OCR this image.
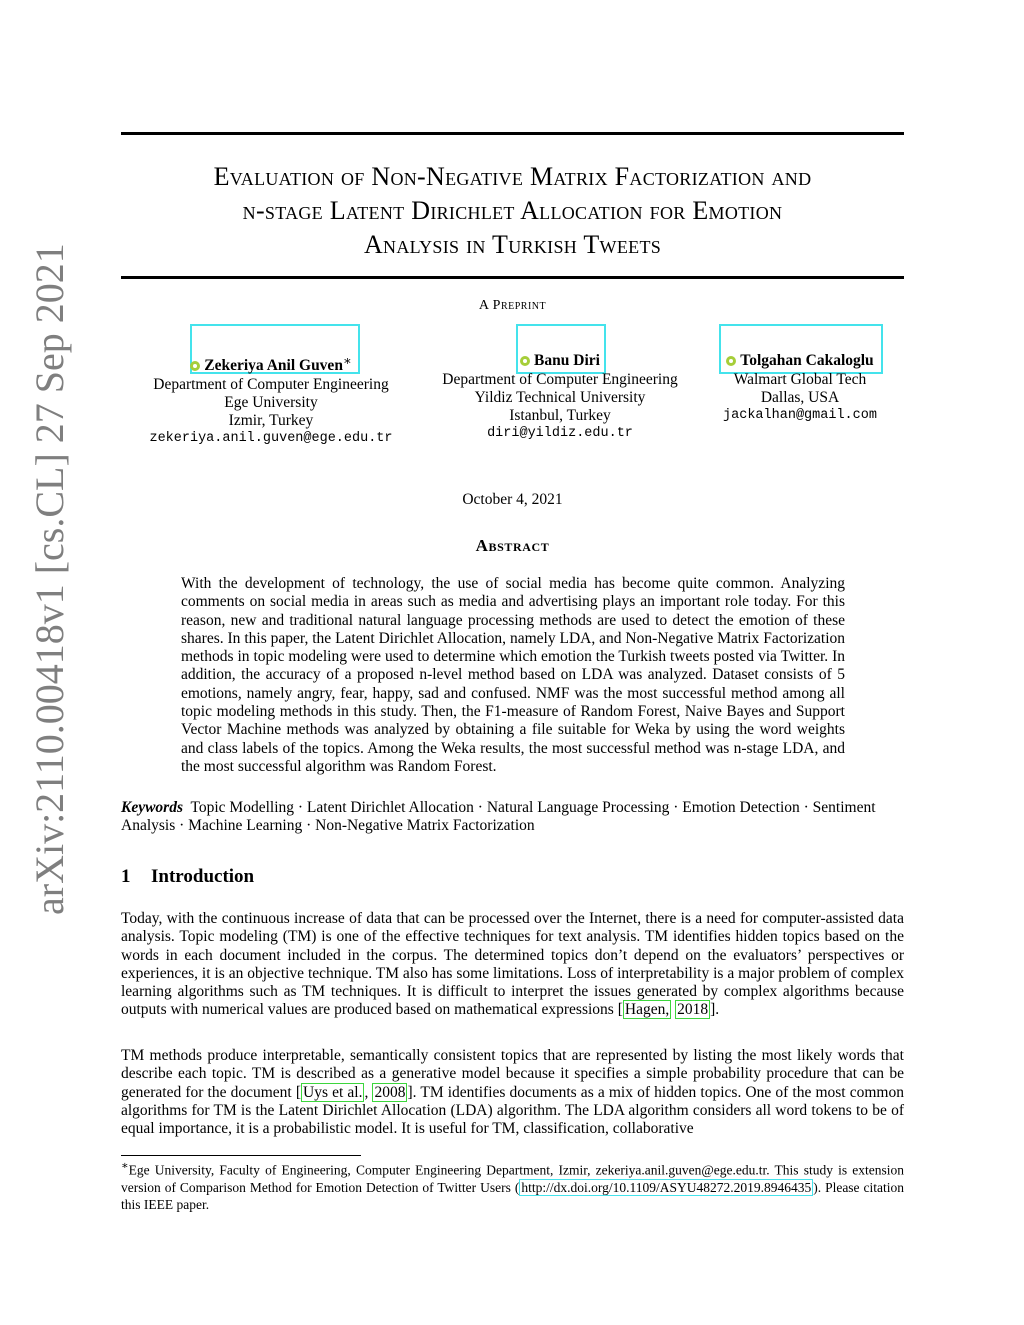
arXiv:2110.00418v1 [cs.CL] 27 Sep 2021
Evaluation of Non-Negative Matrix Factorization and
n-stage Latent Dirichlet Allocation for Emotion
Analysis in Turkish Tweets
A Preprint
Zekeriya Anil Guven ∗
Department of Computer Engineering
Ege University
Izmir, Turkey
zekeriya.anil.guven@ege.edu.tr
Banu Diri
Department of Computer Engineering
Yildiz Technical University
Istanbul, Turkey
diri@yildiz.edu.tr
Tolgahan Cakaloglu
Walmart Global Tech
Dallas, USA
jackalhan@gmail.com
October 4, 2021
Abstract
With the development of technology, the use of social media has become quite common. Analyzing comments on social media in areas such as media and advertising plays an important role today. For this reason, new and traditional natural language processing methods are used to detect the emotion of these shares. In this paper, the Latent Dirichlet Allocation, namely LDA, and Non-Negative Matrix Factorization methods in topic modeling were used to determine which emotion the Turkish tweets posted via Twitter. In addition, the accuracy of a proposed n-level method based on LDA was analyzed. Dataset consists of 5 emotions, namely angry, fear, happy, sad and confused. NMF was the most successful method among all topic modeling methods in this study. Then, the F1-measure of Random Forest, Naive Bayes and Support Vector Machine methods was analyzed by obtaining a file suitable for Weka by using the word weights and class labels of the topics. Among the Weka results, the most successful method was n-stage LDA, and the most successful algorithm was Random Forest.
Keywords Topic Modelling · Latent Dirichlet Allocation · Natural Language Processing · Emotion Detection · Sentiment Analysis · Machine Learning · Non-Negative Matrix Factorization
1 Introduction
Today, with the continuous increase of data that can be processed over the Internet, there is a need for computer-assisted data analysis. Topic modeling (TM) is one of the effective techniques for text analysis. TM identifies hidden topics based on the words in each document included in the corpus. The determined topics don’t depend on the evaluators’ perspectives or experiences, it is an objective technique. TM also has some limitations. Loss of interpretability is a major problem of complex learning algorithms such as TM techniques. It is difficult to interpret the issues generated by complex algorithms because outputs with numerical values are produced based on mathematical expressions [ Hagen, 2018 ].
TM methods produce interpretable, semantically consistent topics that are represented by listing the most likely words that describe each topic. TM is described as a generative model because it specifies a simple probability procedure that can be generated for the document [ Uys et al. , 2008 ]. TM identifies documents as a mix of hidden topics. One of the most common algorithms for TM is the Latent Dirichlet Allocation (LDA) algorithm. The LDA algorithm considers all word tokens to be of equal importance, it is a probabilistic model. It is useful for TM, classification, collaborative
∗Ege University, Faculty of Engineering, Computer Engineering Department, Izmir, zekeriya.anil.guven@ege.edu.tr. This study is extension version of Comparison Method for Emotion Detection of Twitter Users ( http://dx.doi.org/10.1109/ASYU48272.2019.8946435 ). Please citation this IEEE paper.
